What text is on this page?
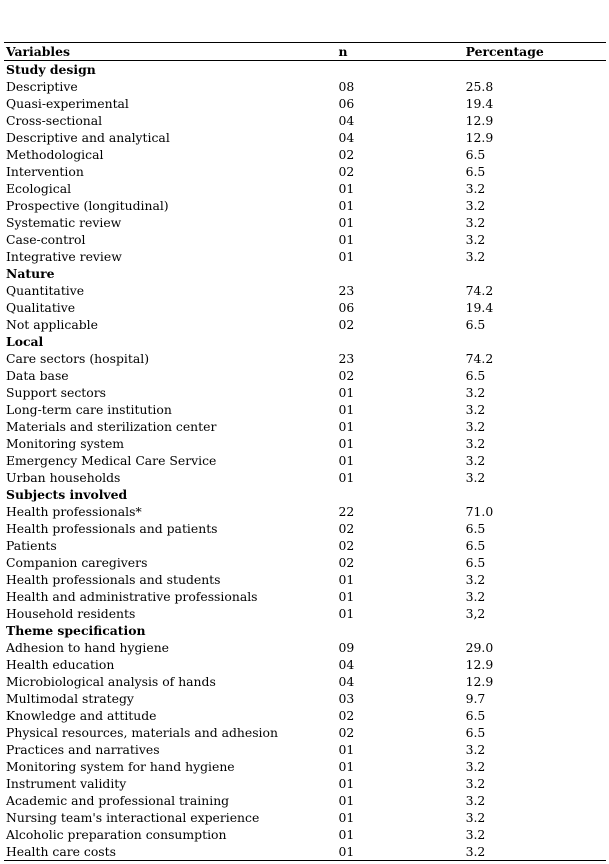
Variables	n	Percentage
Study design		
Descriptive	08	25.8
Quasi-experimental	06	19.4
Cross-sectional	04	12.9
Descriptive and analytical	04	12.9
Methodological	02	6.5
Intervention	02	6.5
Ecological	01	3.2
Prospective (longitudinal)	01	3.2
Systematic review	01	3.2
Case-control	01	3.2
Integrative review	01	3.2
Nature		
Quantitative	23	74.2
Qualitative	06	19.4
Not applicable	02	6.5
Local		
Care sectors (hospital)	23	74.2
Data base	02	6.5
Support sectors	01	3.2
Long-term care institution	01	3.2
Materials and sterilization center	01	3.2
Monitoring system	01	3.2
Emergency Medical Care Service	01	3.2
Urban households	01	3.2
Subjects involved		
Health professionals*	22	71.0
Health professionals and patients	02	6.5
Patients	02	6.5
Companion caregivers	02	6.5
Health professionals and students	01	3.2
Health and administrative professionals	01	3.2
Household residents	01	3,2
Theme specification		
Adhesion to hand hygiene	09	29.0
Health education	04	12.9
Microbiological analysis of hands	04	12.9
Multimodal strategy	03	9.7
Knowledge and attitude	02	6.5
Physical resources, materials and adhesion	02	6.5
Practices and narratives	01	3.2
Monitoring system for hand hygiene	01	3.2
Instrument validity	01	3.2
Academic and professional training	01	3.2
Nursing team's interactional experience	01	3.2
Alcoholic preparation consumption	01	3.2
Health care costs	01	3.2
